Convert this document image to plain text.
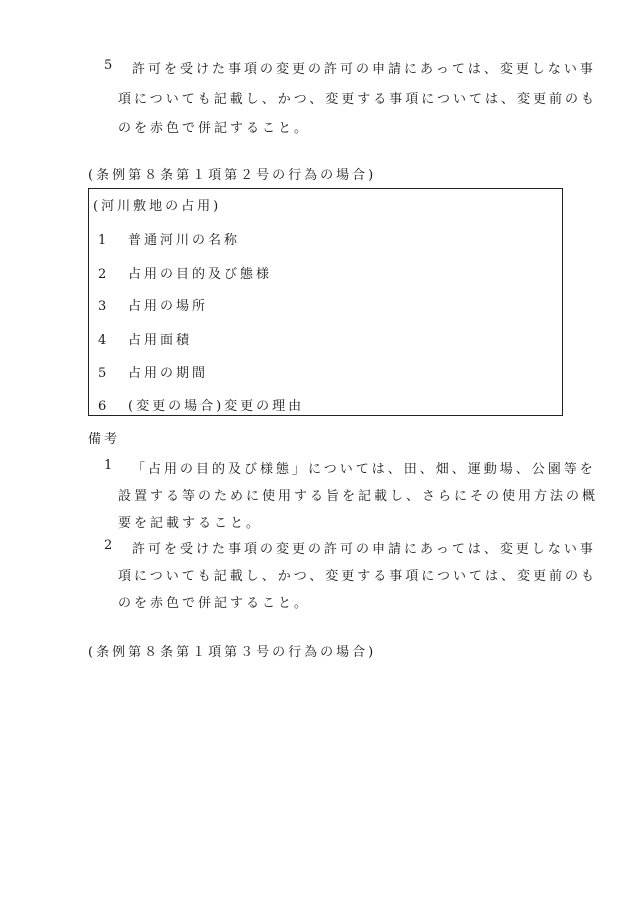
5 許可を受けた事項の変更の許可の申請にあっては、変更しない事
項についても記載し、かつ、変更する事項については、変更前のも
のを赤色で併記すること。
(条例第８条第１項第２号の行為の場合)
(河川敷地の占用)
1 普通河川の名称
2 占用の目的及び態様
3 占用の場所
4 占用面積
5 占用の期間
6 (変更の場合)変更の理由
備考
1 「占用の目的及び様態」については、田、畑、運動場、公園等を
設置する等のために使用する旨を記載し、さらにその使用方法の概
要を記載すること。
2 許可を受けた事項の変更の許可の申請にあっては、変更しない事
項についても記載し、かつ、変更する事項については、変更前のも
のを赤色で併記すること。
(条例第８条第１項第３号の行為の場合)
